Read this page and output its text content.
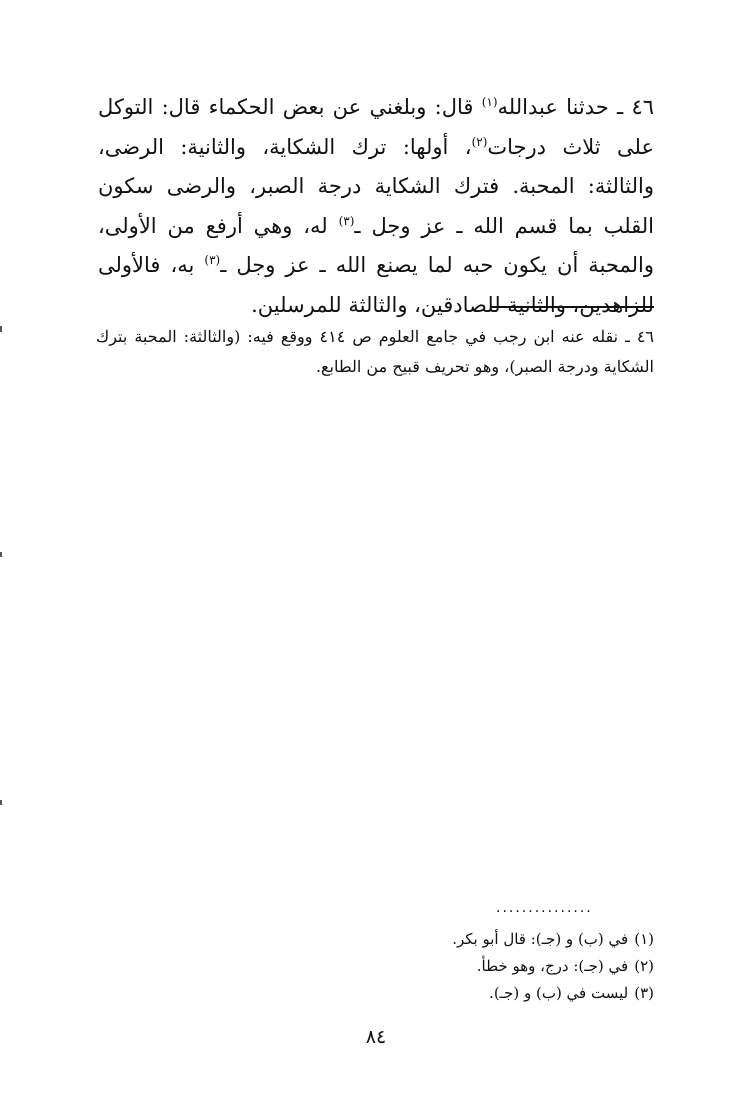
٤٦ ـ حدثنا عبدالله$^{(١)}$ قال: وبلغني عن بعض الحكماء قال: التوكل على ثلاث درجات$^{(٢)}$، أولها: ترك الشكاية، والثانية: الرضى، والثالثة: المحبة. فترك الشكاية درجة الصبر، والرضى سكون القلب بما قسم الله ـ عز وجل ـ$^{(٣)}$ له، وهي أرفع من الأولى، والمحبة أن يكون حبه لما يصنع الله ـ عز وجل ـ$^{(٣)}$ به، فالأولى للزاهدين، والثانية للصادقين، والثالثة للمرسلين.

٤٦ ـ نقله عنه ابن رجب في جامع العلوم ص ٤١٤ ووقع فيه: (والثالثة: المحبة بترك الشكاية ودرجة الصبر)، وهو تحريف قبيح من الطابع.

...............
(١)في (ب) و (جـ): قال أبو بكر.
(٢)في (جـ): درج، وهو خطأ.
(٣)ليست في (ب) و (جـ).
٨٤
